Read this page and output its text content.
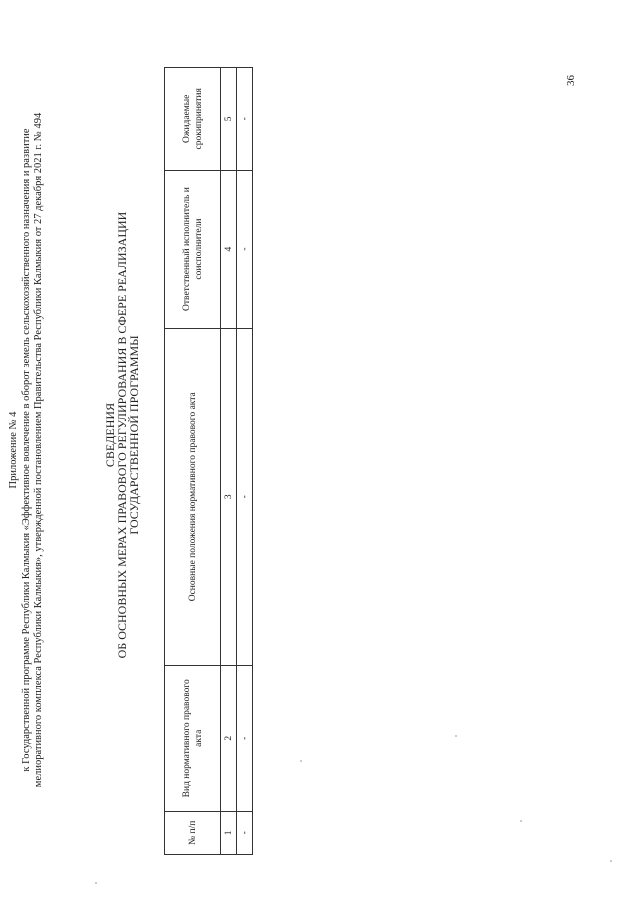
Приложение № 4 к Государственной программе Республики Калмыкия «Эффективное вовлечение в оборот земель сельскохозяйственного назначения и развитие мелиоративного комплекса Республики Калмыкия», утвержденной постановлением Правительства Республики Калмыкия от 27 декабря 2021 г. № 494	СВЕДЕНИЯ
ОБ ОСНОВНЫХ МЕРАХ ПРАВОВОГО РЕГУЛИРОВАНИЯ В СФЕРЕ РЕАЛИЗАЦИИ
ГОСУДАРСТВЕННОЙ ПРОГРАММЫ
№ п/п	Вид нормативного правового акта	Основные положения нормативного правового акта	Ответственный исполнитель и соисполнители	Ожидаемые срокипринятия
1	2	3	4	5
-	-	-	-	-
36
